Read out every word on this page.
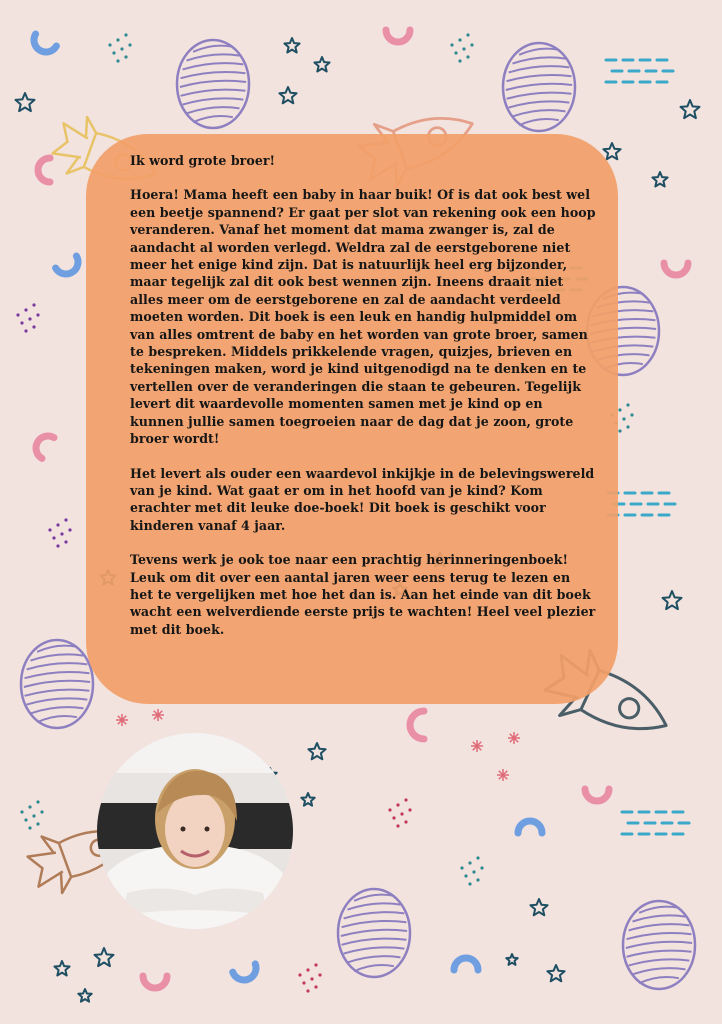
Ik word grote broer!

Hoera! Mama heeft een baby in haar buik! Of is dat ook best wel een beetje spannend? Er gaat per slot van rekening ook een hoop veranderen. Vanaf het moment dat mama zwanger is, zal de aandacht al worden verlegd. Weldra zal de eerstgeborene niet meer het enige kind zijn. Dat is natuurlijk heel erg bijzonder, maar tegelijk zal dit ook best wennen zijn. Ineens draait niet alles meer om de eerstgeborene en zal de aandacht verdeeld moeten worden. Dit boek is een leuk en handig hulpmiddel om van alles omtrent de baby en het worden van grote broer, samen te bespreken. Middels prikkelende vragen, quizjes, brieven en tekeningen maken, word je kind uitgenodigd na te denken en te vertellen over de veranderingen die staan te gebeuren. Tegelijk levert dit waardevolle momenten samen met je kind op en kunnen jullie samen toegroeien naar de dag dat je zoon, grote broer wordt!

Het levert als ouder een waardevol inkijkje in de belevingswereld van je kind. Wat gaat er om in het hoofd van je kind? Kom erachter met dit leuke doe-boek! Dit boek is geschikt voor kinderen vanaf 4 jaar.

Tevens werk je ook toe naar een prachtig herinneringenboek! Leuk om dit over een aantal jaren weer eens terug te lezen en het te vergelijken met hoe het dan is. Aan het einde van dit boek wacht een welverdiende eerste prijs te wachten! Heel veel plezier met dit boek.
